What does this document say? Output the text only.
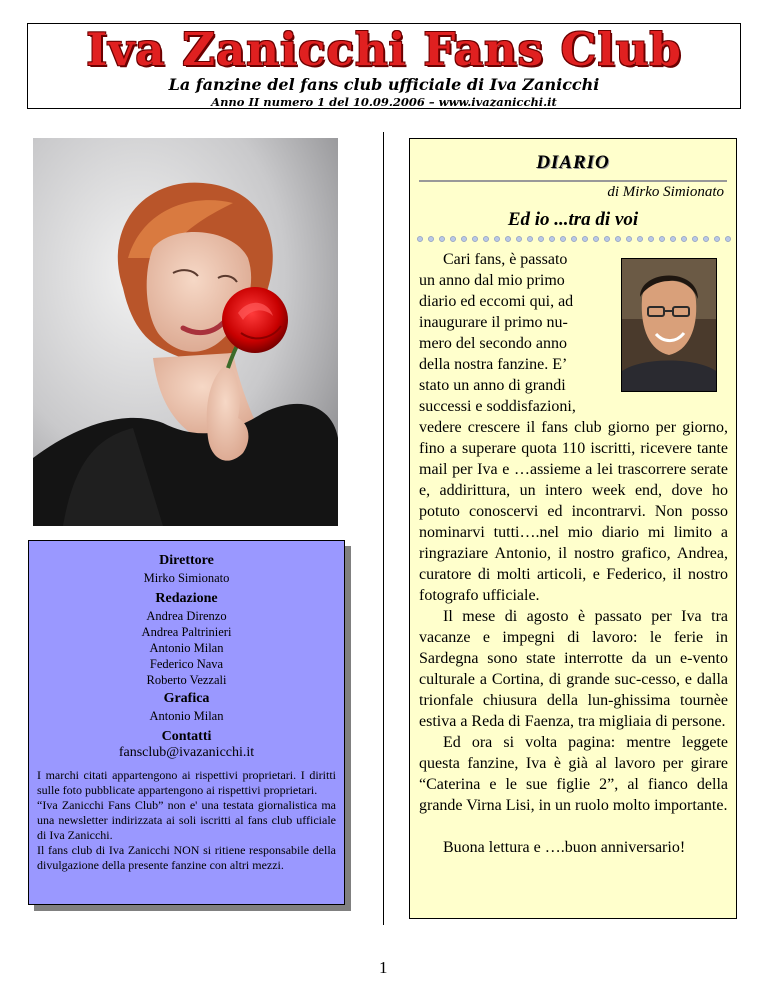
Iva Zanicchi Fans Club
La fanzine del fans club ufficiale di Iva Zanicchi
Anno II numero 1 del 10.09.2006 – www.ivazanicchi.it
Direttore
Mirko Simionato
Redazione
Andrea Direnzo
Andrea Paltrinieri
Antonio Milan
Federico Nava
Roberto Vezzali
Grafica
Antonio Milan
Contatti
fansclub@ivazanicchi.it
I marchi citati appartengono ai rispettivi proprietari. I diritti sulle foto pubblicate appartengono ai rispettivi proprietari.
“Iva Zanicchi Fans Club” non e' una testata giornalistica ma una newsletter indirizzata ai soli iscritti al fans club ufficiale di Iva Zanicchi.
Il fans club di Iva Zanicchi NON si ritiene responsabile della divulgazione della presente fanzine con altri mezzi.
DIARIO
di Mirko Simionato
Ed io ...tra di voi
Cari fans, è passato
un anno dal mio primo
diario ed eccomi qui, ad
inaugurare il primo nu-
mero del secondo anno
della nostra fanzine. E’
stato un anno di grandi
successi e soddisfazioni,

vedere crescere il fans club giorno per giorno, fino a superare quota 110 iscritti, ricevere tante mail per Iva e …assieme a lei trascorrere serate e, addirittura, un intero week end, dove ho potuto conoscervi ed incontrarvi. Non posso nominarvi tutti….nel mio diario mi limito a ringraziare Antonio, il nostro grafico, Andrea, curatore di molti articoli, e Federico, il nostro fotografo ufficiale.

Il mese di agosto è passato per Iva tra vacanze e impegni di lavoro: le ferie in Sardegna sono state interrotte da un e-vento culturale a Cortina, di grande suc-cesso, e dalla trionfale chiusura della lun-ghissima tournèe estiva a Reda di Faenza, tra migliaia di persone.

Ed ora si volta pagina: mentre leggete questa fanzine, Iva è già al lavoro per girare “Caterina e le sue figlie 2”, al fianco della grande Virna Lisi, in un ruolo molto importante.

Buona lettura e ….buon anniversario!

1
